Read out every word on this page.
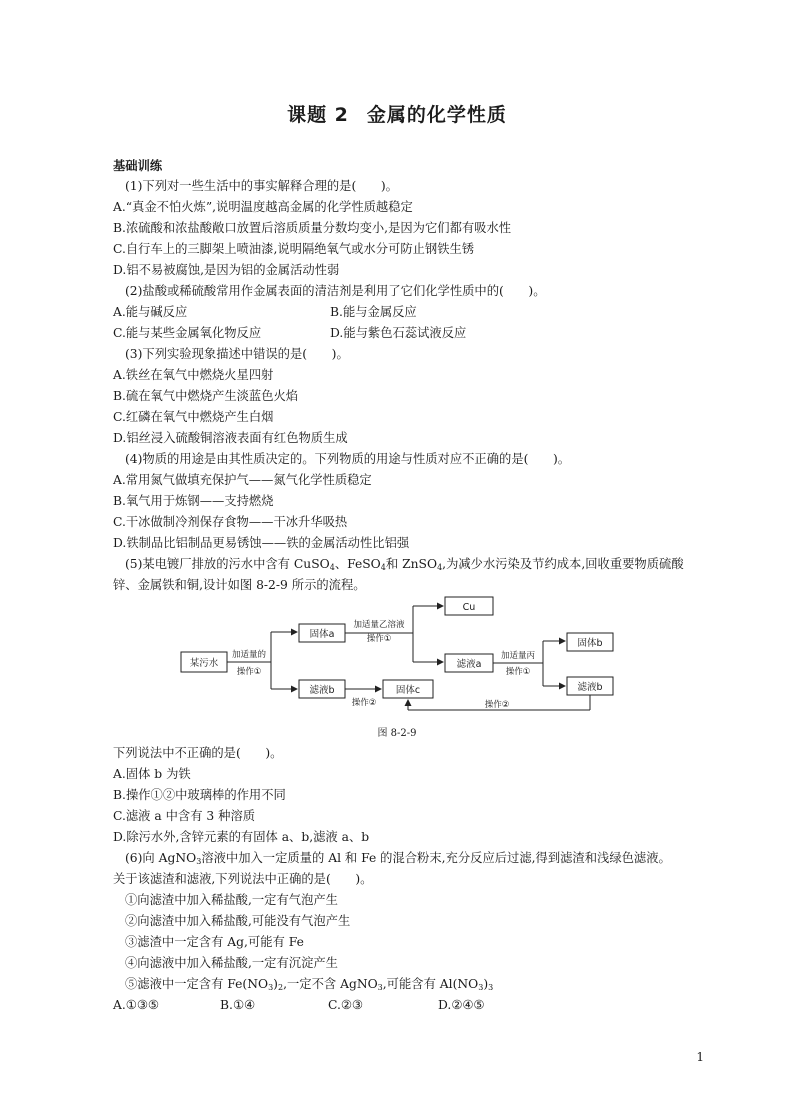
课题 2 金属的化学性质
基础训练
(1)下列对一些生活中的事实解释合理的是(　　)。
A.“真金不怕火炼”,说明温度越高金属的化学性质越稳定
B.浓硫酸和浓盐酸敞口放置后溶质质量分数均变小,是因为它们都有吸水性
C.自行车上的三脚架上喷油漆,说明隔绝氧气或水分可防止钢铁生锈
D.铝不易被腐蚀,是因为铝的金属活动性弱
(2)盐酸或稀硫酸常用作金属表面的清洁剂是利用了它们化学性质中的(　　)。
A.能与碱反应	B.能与金属反应
C.能与某些金属氧化物反应	D.能与紫色石蕊试液反应
(3)下列实验现象描述中错误的是(　　)。
A.铁丝在氧气中燃烧火星四射
B.硫在氧气中燃烧产生淡蓝色火焰
C.红磷在氧气中燃烧产生白烟
D.铝丝浸入硫酸铜溶液表面有红色物质生成
(4)物质的用途是由其性质决定的。下列物质的用途与性质对应不正确的是(　　)。
A.常用氮气做填充保护气——氮气化学性质稳定
B.氧气用于炼钢——支持燃烧
C.干冰做制冷剂保存食物——干冰升华吸热
D.铁制品比铝制品更易锈蚀——铁的金属活动性比铝强
(5)某电镀厂排放的污水中含有 CuSO$_4$、FeSO$_4$和 ZnSO$_4$,为减少水污染及节约成本,回收重要物质硫酸
锌、金属铁和铜,设计如图 8-2-9 所示的流程。
某污水
加适量的
操作①
固体a
加适量乙溶液
操作①
Cu
滤液a
加适量丙
操作①
固体b
滤液b
滤液b	固体c
操作②	操作②
图 8-2-9
下列说法中不正确的是(　　)。
A.固体 b 为铁
B.操作①②中玻璃棒的作用不同
C.滤液 a 中含有 3 种溶质
D.除污水外,含锌元素的有固体 a、b,滤液 a、b
(6)向 AgNO$_3$溶液中加入一定质量的 Al 和 Fe 的混合粉末,充分反应后过滤,得到滤渣和浅绿色滤液。
关于该滤渣和滤液,下列说法中正确的是(　　)。
①向滤渣中加入稀盐酸,一定有气泡产生
②向滤渣中加入稀盐酸,可能没有气泡产生
③滤渣中一定含有 Ag,可能有 Fe
④向滤液中加入稀盐酸,一定有沉淀产生
⑤滤液中一定含有 $Fe(NO_3)_2$,一定不含 AgNO$_3$,可能含有 $Al(NO_3)_3$
A.①③⑤	B.①④	C.②③	D.②④⑤
1
